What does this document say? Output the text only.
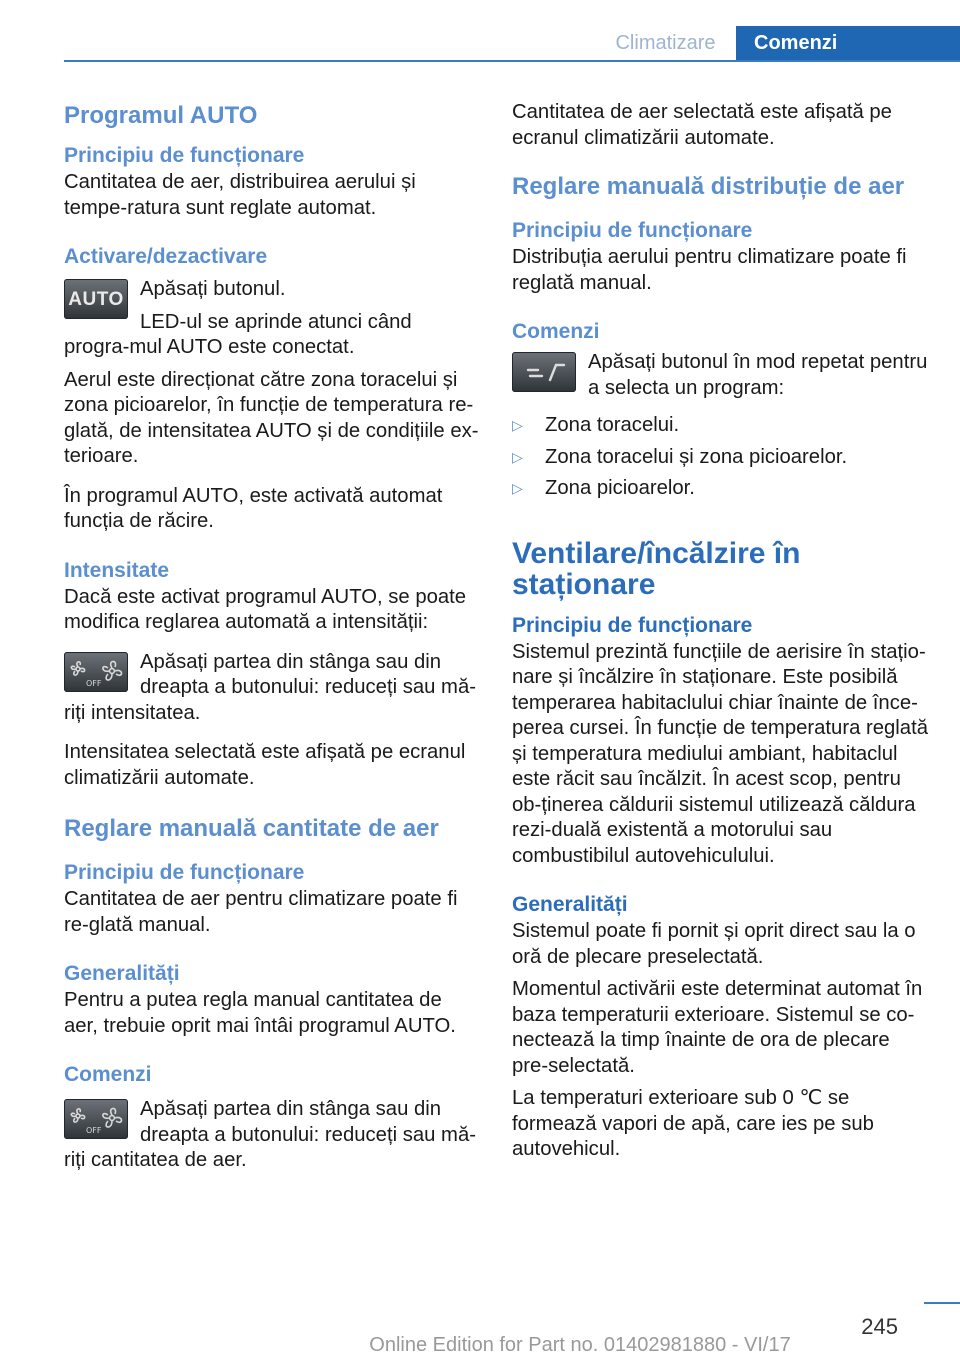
Climatizare	Comenzi

Programul AUTO

Principiu de funcționare

Cantitatea de aer, distribuirea aerului și tempe-ratura sunt reglate automat.

Activare/dezactivare

AUTO Apăsați butonul.

LED-ul se aprinde atunci când progra-mul AUTO este conectat.

Aerul este direcționat către zona toracelui și zona picioarelor, în funcție de temperatura re-glată, de intensitatea AUTO și de condițiile ex-terioare.

În programul AUTO, este activată automat funcția de răcire.

Intensitate

Dacă este activat programul AUTO, se poate modifica reglarea automată a intensității:

OFF

Apăsați partea din stânga sau din dreapta a butonului: reduceți sau mă-riți intensitatea.

Intensitatea selectată este afișată pe ecranul climatizării automate.

Reglare manuală cantitate de aer

Principiu de funcționare

Cantitatea de aer pentru climatizare poate fi re-glată manual.

Generalități

Pentru a putea regla manual cantitatea de aer, trebuie oprit mai întâi programul AUTO.

Comenzi

OFF

Apăsați partea din stânga sau din dreapta a butonului: reduceți sau mă-riți cantitatea de aer.

Cantitatea de aer selectată este afișată pe ecranul climatizării automate.

Reglare manuală distribuție de aer

Principiu de funcționare

Distribuția aerului pentru climatizare poate fi reglată manual.

Comenzi

Apăsați butonul în mod repetat pentru a selecta un program:

▷	Zona toracelui.
▷	Zona toracelui și zona picioarelor.
▷	Zona picioarelor.

Ventilare/încălzire în staționare

Principiu de funcționare

Sistemul prezintă funcțiile de aerisire în stațio-nare și încălzire în staționare. Este posibilă temperarea habitaclului chiar înainte de înce-perea cursei. În funcție de temperatura reglată și temperatura mediului ambiant, habitaclul este răcit sau încălzit. În acest scop, pentru ob-ținerea căldurii sistemul utilizează căldura rezi-duală existentă a motorului sau combustibilul autovehiculului.

Generalități

Sistemul poate fi pornit și oprit direct sau la o oră de plecare preselectată.

Momentul activării este determinat automat în baza temperaturii exterioare. Sistemul se co-nectează la timp înainte de ora de plecare pre-selectată.

La temperaturi exterioare sub 0 ℃ se formează vapori de apă, care ies pe sub autovehicul.

245
Online Edition for Part no. 01402981880 - VI/17
